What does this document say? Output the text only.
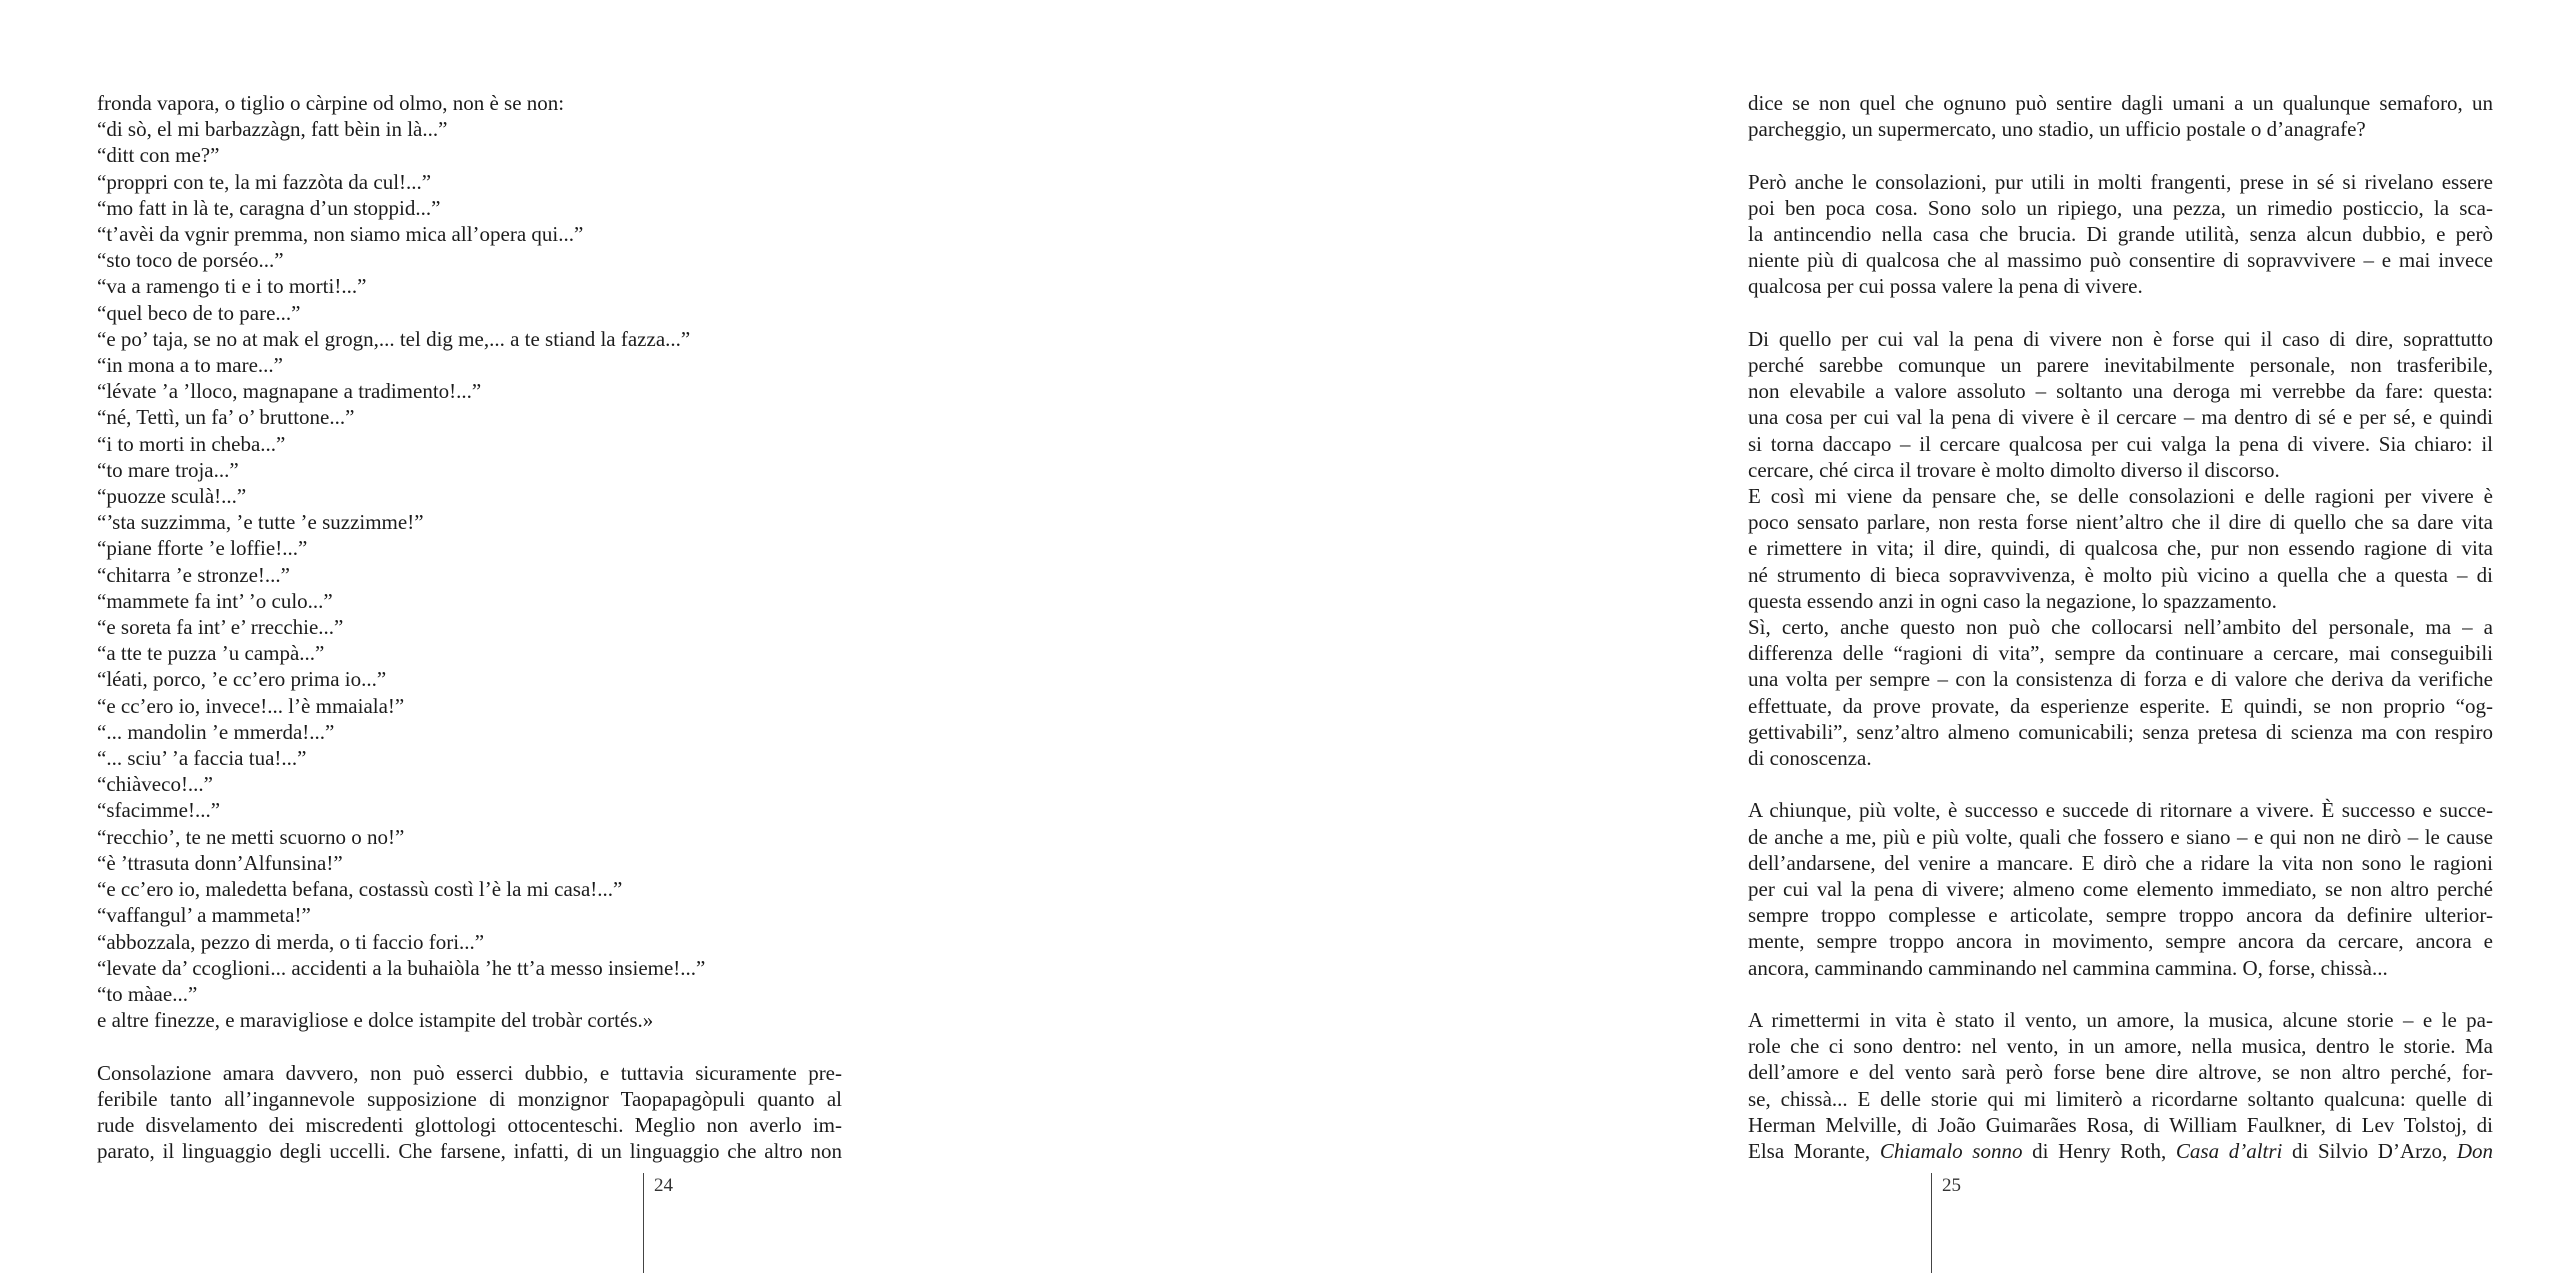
fronda vapora, o tiglio o càrpine od olmo, non è se non:
“di sò, el mi barbazzàgn, fatt bèin in là...”
“ditt con me?”
“proppri con te, la mi fazzòta da cul!...”
“mo fatt in là te, caragna d’un stoppid...”
“t’avèi da vgnir premma, non siamo mica all’opera qui...”
“sto toco de porséo...”
“va a ramengo ti e i to morti!...”
“quel beco de to pare...”
“e po’ taja, se no at mak el grogn,... tel dig me,... a te stiand la fazza...”
“in mona a to mare...”
“lévate ’a ’lloco, magnapane a tradimento!...”
“né, Tettì, un fa’ o’ bruttone...”
“i to morti in cheba...”
“to mare troja...”
“puozze sculà!...”
“’sta suzzimma, ’e tutte ’e suzzimme!”
“piane fforte ’e loffie!...”
“chitarra ’e stronze!...”
“mammete fa int’ ’o culo...”
“e soreta fa int’ e’ rrecchie...”
“a tte te puzza ’u campà...”
“léati, porco, ’e cc’ero prima io...”
“e cc’ero io, invece!... l’è mmaiala!”
“... mandolin ’e mmerda!...”
“... sciu’ ’a faccia tua!...”
“chiàveco!...”
“sfacimme!...”
“recchio’, te ne metti scuorno o no!”
“è ’ttrasuta donn’Alfunsina!”
“e cc’ero io, maledetta befana, costassù costì l’è la mi casa!...”
“vaffangul’ a mammeta!”
“abbozzala, pezzo di merda, o ti faccio fori...”
“levate da’ ccoglioni... accidenti a la buhaiòla ’he tt’a messo insieme!...”
“to màae...”
e altre finezze, e maravigliose e dolce istampite del trobàr cortés.»
Consolazione amara davvero, non può esserci dubbio, e tuttavia sicuramente pre-
feribile tanto all’ingannevole supposizione di monzignor Taopapagòpuli quanto al
rude disvelamento dei miscredenti glottologi ottocenteschi. Meglio non averlo im-
parato, il linguaggio degli uccelli. Che farsene, infatti, di un linguaggio che altro non
24
dice se non quel che ognuno può sentire dagli umani a un qualunque semaforo, un
parcheggio, un supermercato, uno stadio, un ufficio postale o d’anagrafe?
Però anche le consolazioni, pur utili in molti frangenti, prese in sé si rivelano essere
poi ben poca cosa. Sono solo un ripiego, una pezza, un rimedio posticcio, la sca-
la antincendio nella casa che brucia. Di grande utilità, senza alcun dubbio, e però
niente più di qualcosa che al massimo può consentire di sopravvivere – e mai invece
qualcosa per cui possa valere la pena di vivere.
Di quello per cui val la pena di vivere non è forse qui il caso di dire, soprattutto
perché sarebbe comunque un parere inevitabilmente personale, non trasferibile,
non elevabile a valore assoluto – soltanto una deroga mi verrebbe da fare: questa:
una cosa per cui val la pena di vivere è il cercare – ma dentro di sé e per sé, e quindi
si torna daccapo – il cercare qualcosa per cui valga la pena di vivere. Sia chiaro: il
cercare, ché circa il trovare è molto dimolto diverso il discorso.
E così mi viene da pensare che, se delle consolazioni e delle ragioni per vivere è
poco sensato parlare, non resta forse nient’altro che il dire di quello che sa dare vita
e rimettere in vita; il dire, quindi, di qualcosa che, pur non essendo ragione di vita
né strumento di bieca sopravvivenza, è molto più vicino a quella che a questa – di
questa essendo anzi in ogni caso la negazione, lo spazzamento.
Sì, certo, anche questo non può che collocarsi nell’ambito del personale, ma – a
differenza delle “ragioni di vita”, sempre da continuare a cercare, mai conseguibili
una volta per sempre – con la consistenza di forza e di valore che deriva da verifiche
effettuate, da prove provate, da esperienze esperite. E quindi, se non proprio “og-
gettivabili”, senz’altro almeno comunicabili; senza pretesa di scienza ma con respiro
di conoscenza.
A chiunque, più volte, è successo e succede di ritornare a vivere. È successo e succe-
de anche a me, più e più volte, quali che fossero e siano – e qui non ne dirò – le cause
dell’andarsene, del venire a mancare. E dirò che a ridare la vita non sono le ragioni
per cui val la pena di vivere; almeno come elemento immediato, se non altro perché
sempre troppo complesse e articolate, sempre troppo ancora da definire ulterior-
mente, sempre troppo ancora in movimento, sempre ancora da cercare, ancora e
ancora, camminando camminando nel cammina cammina. O, forse, chissà...
A rimettermi in vita è stato il vento, un amore, la musica, alcune storie – e le pa-
role che ci sono dentro: nel vento, in un amore, nella musica, dentro le storie. Ma
dell’amore e del vento sarà però forse bene dire altrove, se non altro perché, for-
se, chissà... E delle storie qui mi limiterò a ricordarne soltanto qualcuna: quelle di
Herman Melville, di João Guimarães Rosa, di William Faulkner, di Lev Tolstoj, di
Elsa Morante, Chiamalo sonno di Henry Roth, Casa d’altri di Silvio D’Arzo, Don
25
